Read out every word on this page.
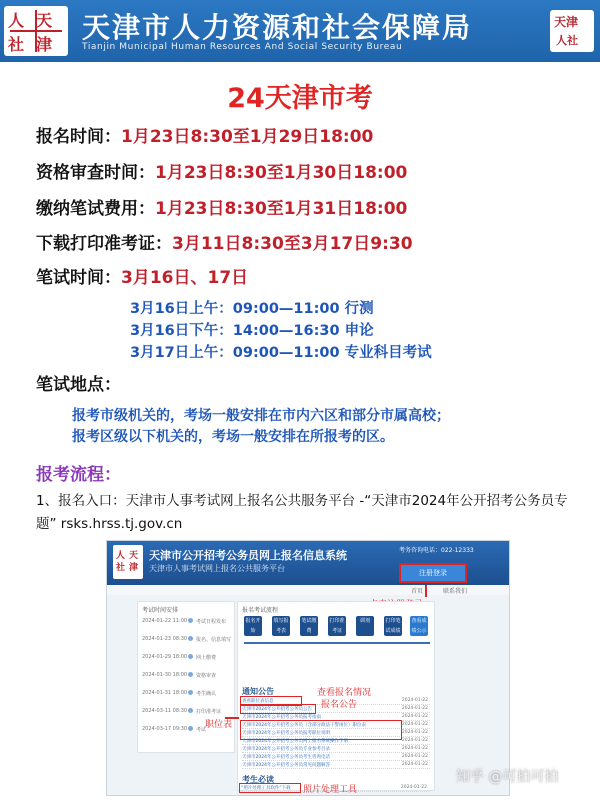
人 天
社 津
天津市人力资源和社会保障局
Tianjin Municipal Human Resources And Social Security Bureau
天津
人社
24天津市考
报名时间：1月23日8:30至1月29日18:00
资格审查时间：1月23日8:30至1月30日18:00
缴纳笔试费用：1月23日8:30至1月31日18:00
下载打印准考证：3月11日8:30至3月17日9:30
笔试时间：3月16日、17日
3月16日上午：09:00—11:00 行测
3月16日下午：14:00—16:30 申论
3月17日上午：09:00—11:00 专业科目考试
笔试地点：
报考市级机关的，考场一般安排在市内六区和部分市属高校；
报考区级以下机关的，考场一般安排在所报考的区。
报考流程：
1、报名入口：天津市人事考试网上报名公共服务平台 -“天津市2024年公开招考公务员专题” rsks.hrss.tj.gov.cn
人 天
社 津
天津市公开招考公务员网上报名信息系统
天津市人事考试网上报名公共服务平台
考务咨询电话：022-12333
注册登录
首页	联系我们
考试时间安排
2024-01-22 11:00 考试日程发布
2024-01-23 08:30 报名、信息填写
2024-01-29 18:00 网上缴费
2024-01-30 18:00 资格审查
2024-01-31 18:00 考生确认
2024-03-11 08:30 打印准考证
2024-03-17 09:30 考试
报名考试流程
报名开始
填写报考表
笔试缴费
打印准考证
调剂	打印笔试成绩
查看成绩公示
通知公告
查看职位表信息	2024-01-22
天津市2024年公开招考公务员公告	2024-01-22
天津市2024年公开招考公务员报考指南	2024-01-22
天津市2024年公开招考公务员（含部分政法干警岗位）职位表	2024-01-22
天津市2024年公开招考公务员报考职位说明	2024-01-22
天津市2024年公开招考公务员网上报名系统操作手册	2024-01-22
天津市2024年公开招考公务员专业参考目录	2024-01-22
天津市2024年公开招考公务员考生咨询电话	2024-01-22
天津市2024年公开招考公务员常见问题解答	2024-01-22
考生必读
查看报名情况
报名公告
职位表
“照片处理工具软件”下载	2024-01-22
照片处理工具
知乎 @可拍可拍
